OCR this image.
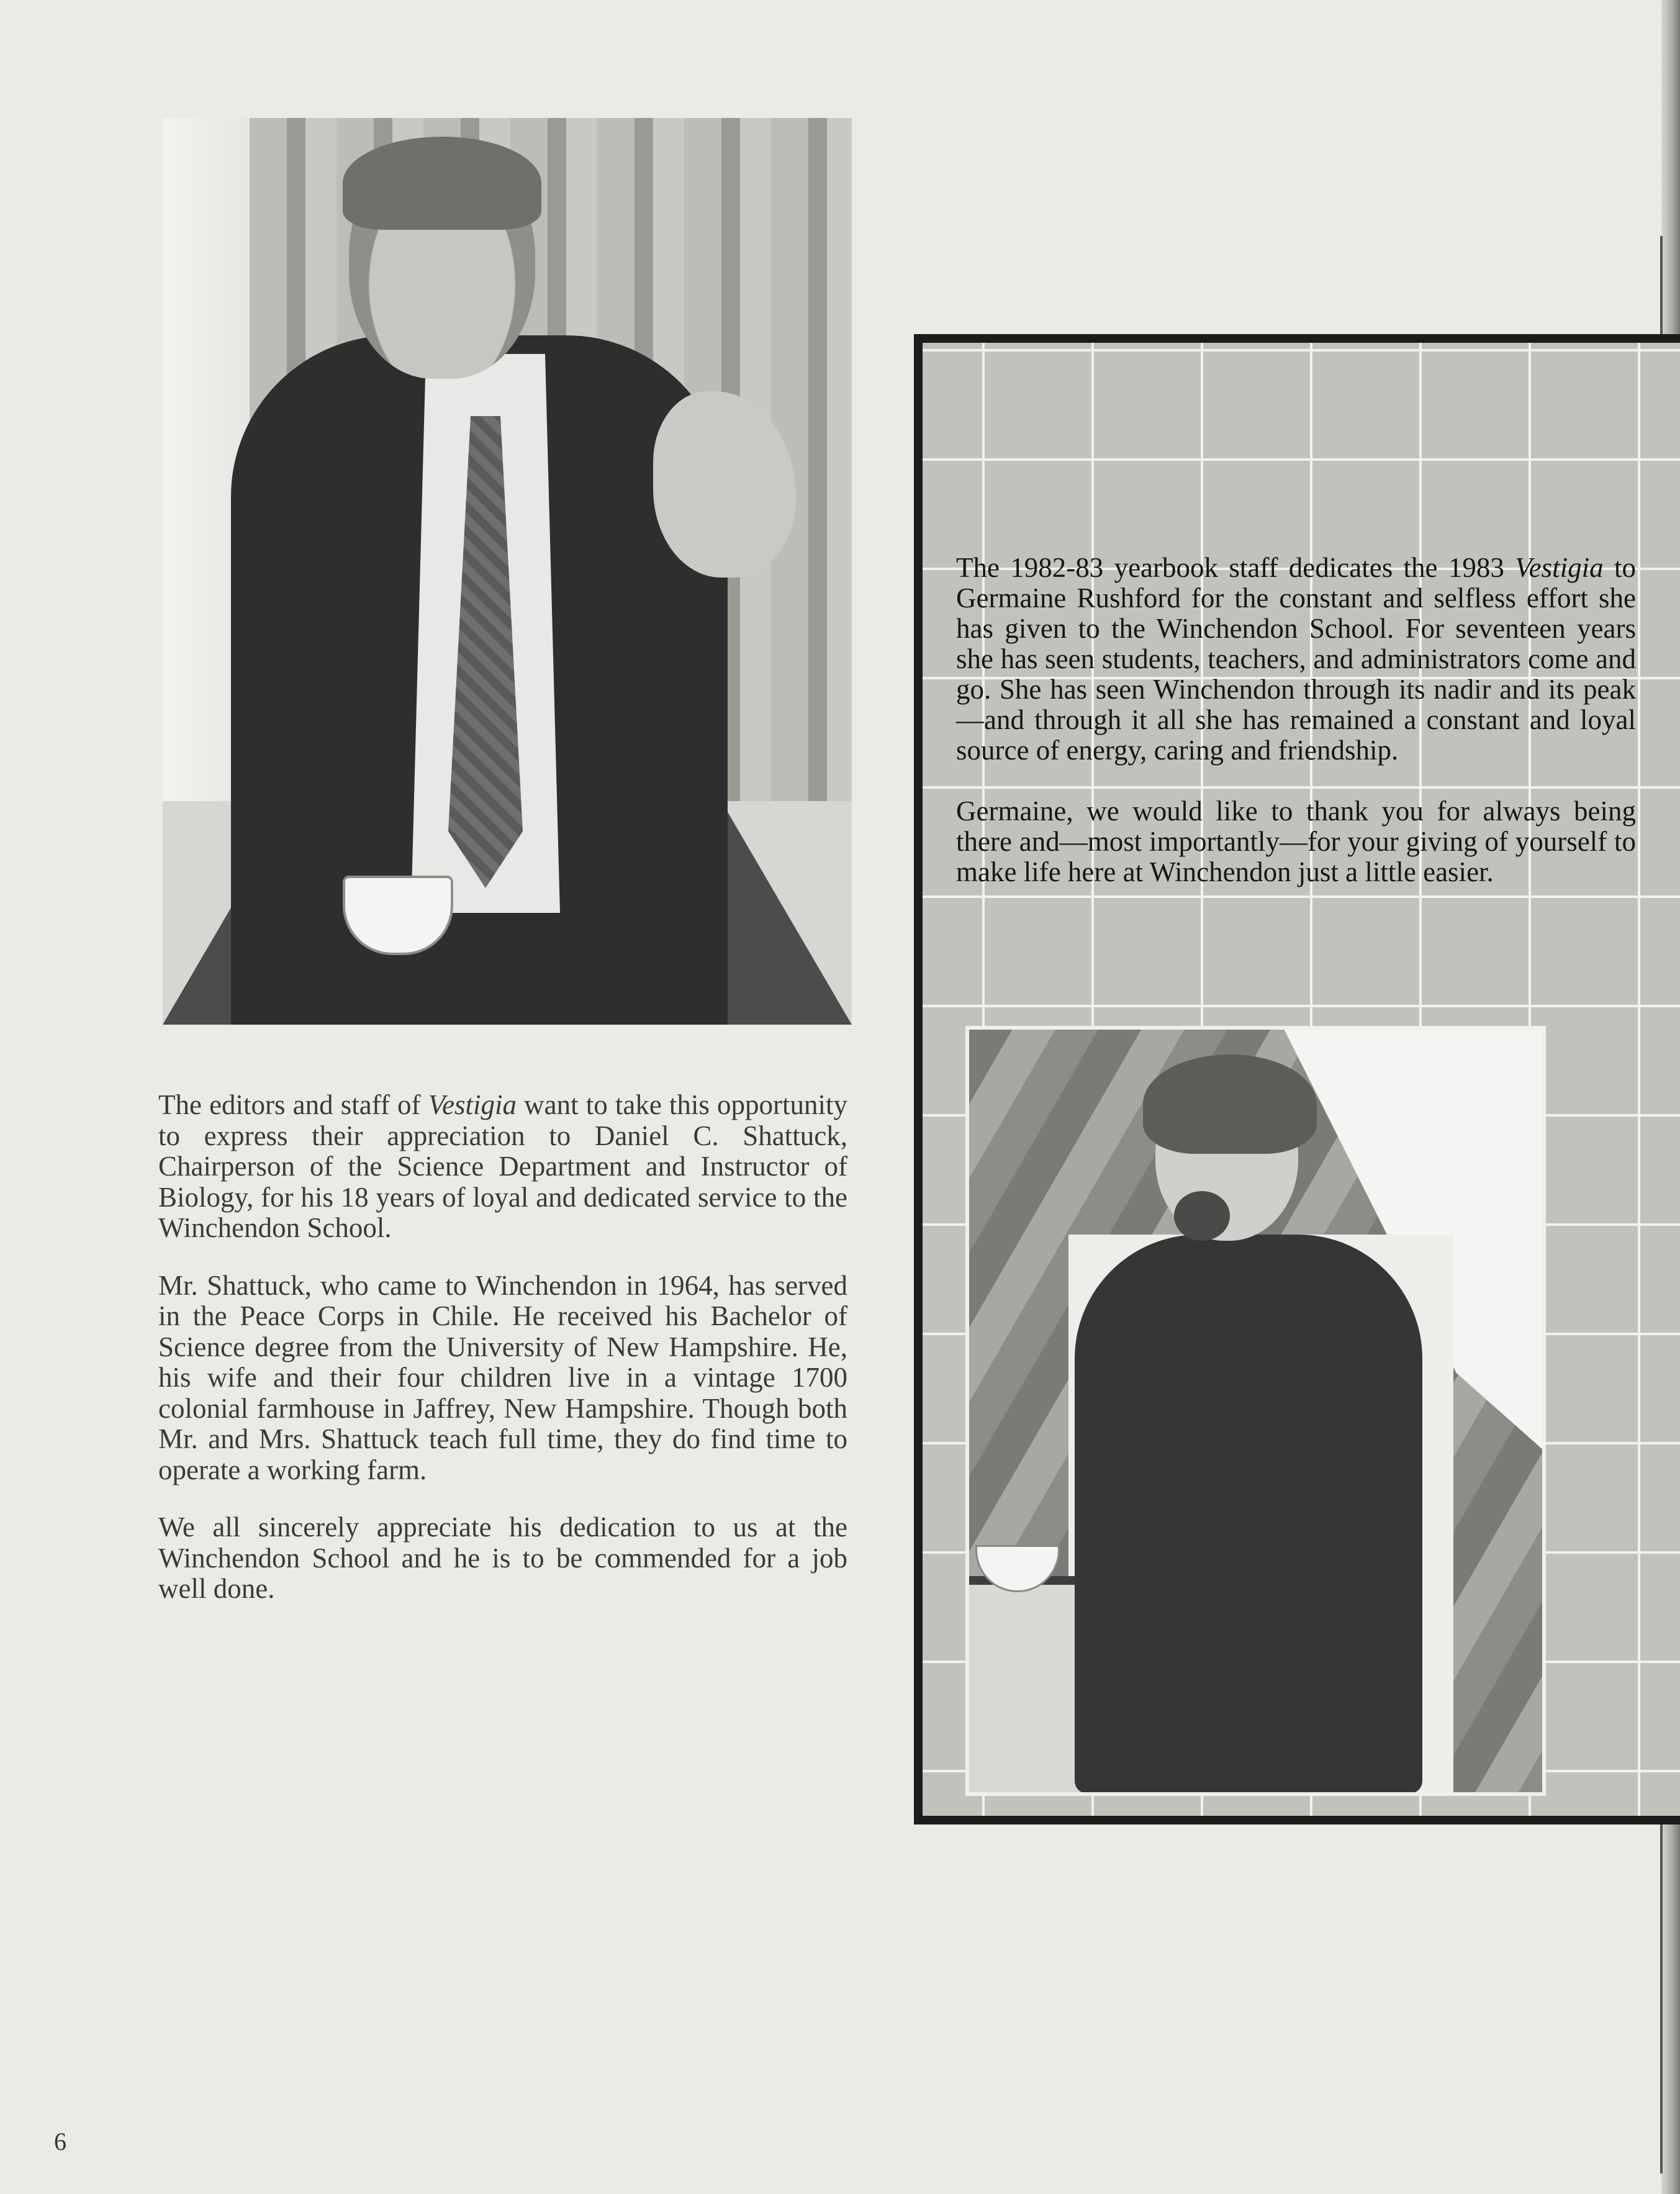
The editors and staff of Vestigia want to take this opportunity to express their appreciation to Daniel C. Shattuck, Chairperson of the Science Department and Instructor of Biology, for his 18 years of loyal and dedicated service to the Winchendon School.

Mr. Shattuck, who came to Winchendon in 1964, has served in the Peace Corps in Chile. He received his Bachelor of Science degree from the University of New Hampshire. He, his wife and their four children live in a vintage 1700 colonial farmhouse in Jaffrey, New Hampshire. Though both Mr. and Mrs. Shattuck teach full time, they do find time to operate a working farm.

We all sincerely appreciate his dedication to us at the Winchendon School and he is to be commended for a job well done.

The 1982-83 yearbook staff dedicates the 1983 Vestigia to Germaine Rushford for the constant and selfless effort she has given to the Winchendon School. For seventeen years she has seen students, teachers, and administrators come and go. She has seen Winchendon through its nadir and its peak—and through it all she has remained a constant and loyal source of energy, caring and friendship.

Germaine, we would like to thank you for always being there and—most importantly—for your giving of yourself to make life here at Winchendon just a little easier.

6
